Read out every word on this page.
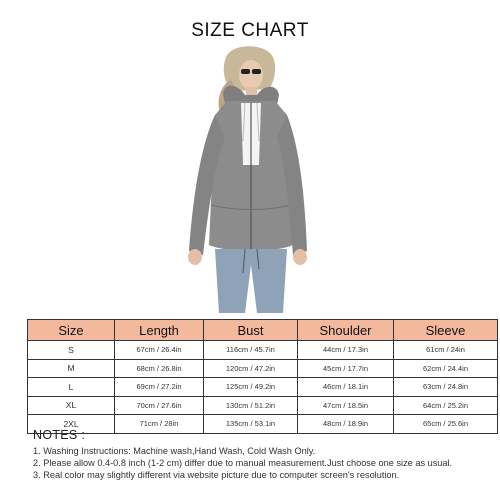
SIZE CHART
Size	Length	Bust	Shoulder	Sleeve
S	67cm / 26.4in	116cm / 45.7in	44cm / 17.3in	61cm / 24in
M	68cm / 26.8in	120cm / 47.2in	45cm / 17.7in	62cm / 24.4in
L	69cm / 27.2in	125cm / 49.2in	46cm / 18.1in	63cm / 24.8in
XL	70cm / 27.6in	130cm / 51.2in	47cm / 18.5in	64cm / 25.2in
2XL	71cm / 28in	135cm / 53.1in	48cm / 18.9in	65cm / 25.6in
NOTES :
1. Washing Instructions: Machine wash,Hand Wash, Cold Wash Only.
2. Please allow 0.4-0.8 inch (1-2 cm) differ due to manual measurement.Just choose one size as usual.
3. Real color may slightly different via website picture due to computer screen's resolution.
